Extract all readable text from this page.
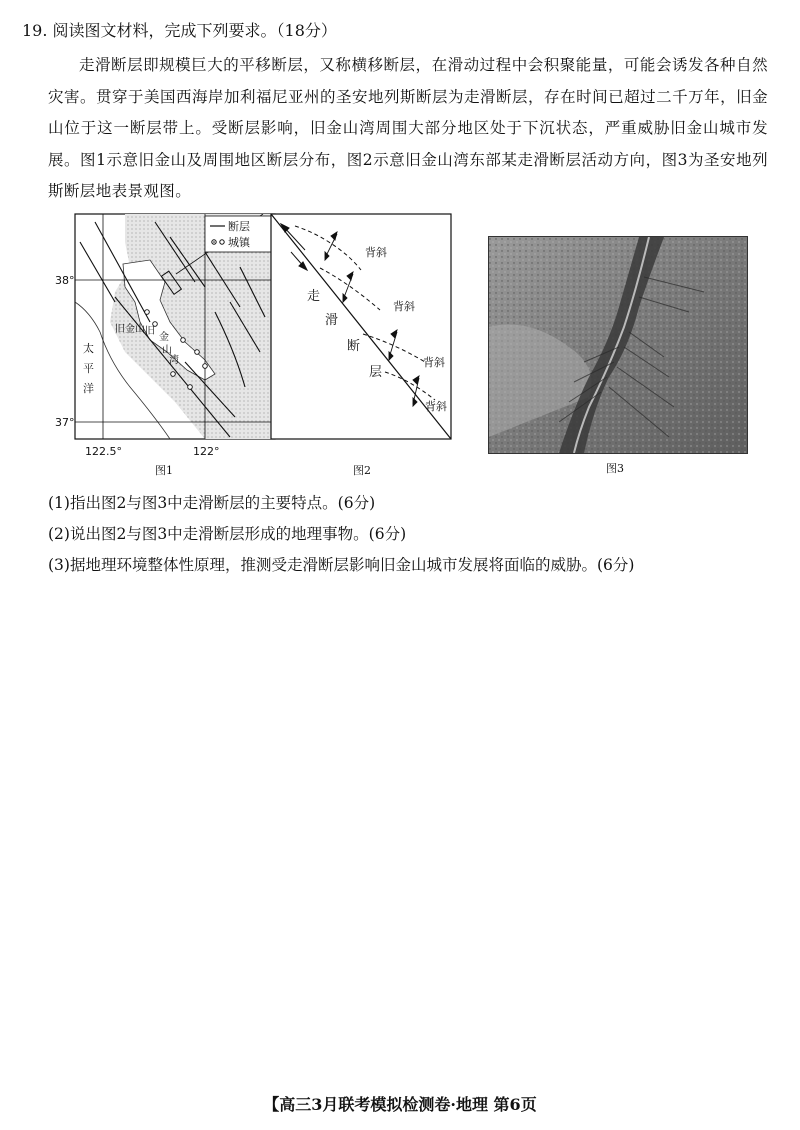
19. 阅读图文材料，完成下列要求。（18分）

走滑断层即规模巨大的平移断层，又称横移断层，在滑动过程中会积聚能量，可能会诱发各种自然灾害。贯穿于美国西海岸加利福尼亚州的圣安地列斯断层为走滑断层，存在时间已超过二千万年，旧金山位于这一断层带上。受断层影响，旧金山湾周围大部分地区处于下沉状态，严重威胁旧金山城市发展。图1示意旧金山及周围地区断层分布，图2示意旧金山湾东部某走滑断层活动方向，图3为圣安地列斯断层地表景观图。

断层
城镇
太
平
洋
旧金山 旧
金
山
湾
38°
37°
122.5°	122°
图1
背斜
背斜
背斜
背斜
走
滑
断
层
图2	图3
(1)指出图2与图3中走滑断层的主要特点。(6分)
(2)说出图2与图3中走滑断层形成的地理事物。(6分)
(3)据地理环境整体性原理，推测受走滑断层影响旧金山城市发展将面临的威胁。(6分)
【高三3月联考模拟检测卷·地理 第6页
